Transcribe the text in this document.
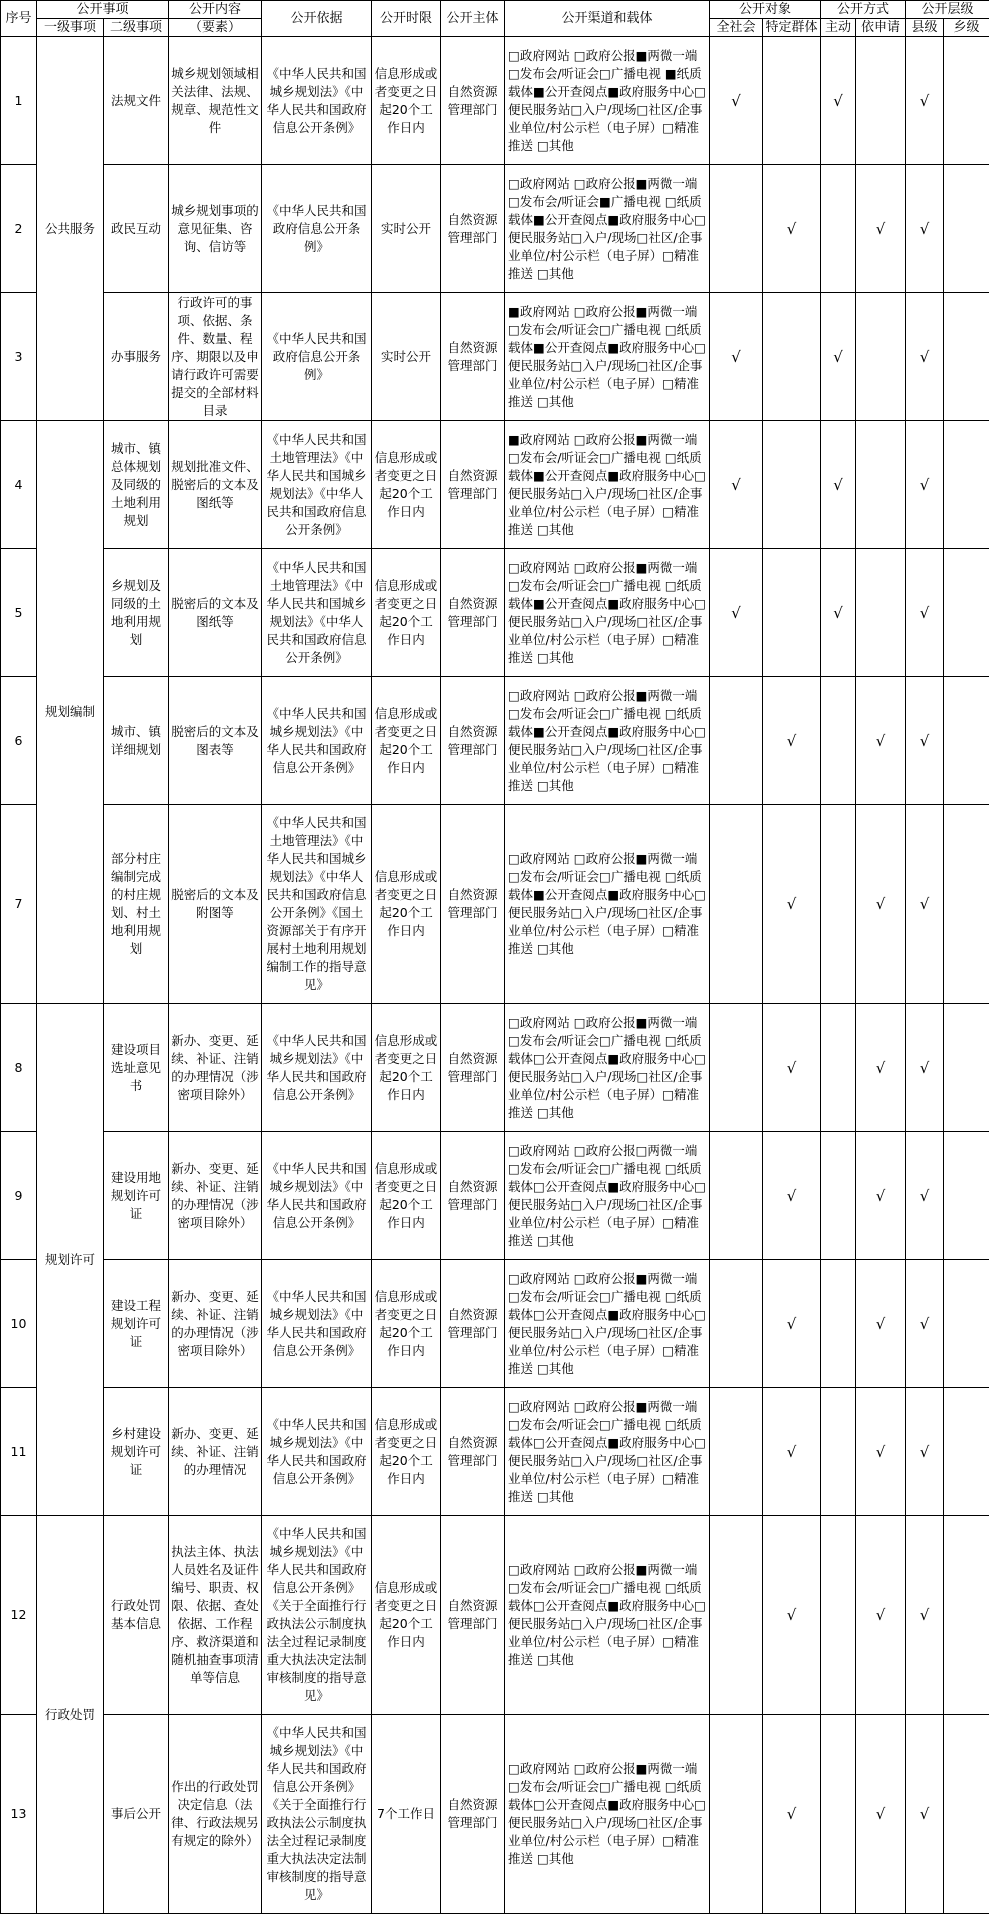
序号	公开事项		公开内容	公开依据	公开时限	公开主体	公开渠道和载体	公开对象		公开方式		公开层级	
	一级事项	二级事项	（要素）					全社会	特定群体	主动	依申请	县级	乡级
1	公共服务	法规文件	城乡规划领域相关法律、法规、规章、规范性文件	《中华人民共和国城乡规划法》《中华人民共和国政府信息公开条例》	信息形成或者变更之日起20个工作日内	自然资源管理部门	□政府网站 □政府公报■两微一端 □发布会/听证会□广播电视 ■纸质载体■公开查阅点■政府服务中心□便民服务站□入户/现场□社区/企事业单位/村公示栏（电子屏）□精准推送 □其他	√		√		√	
2		政民互动	城乡规划事项的意见征集、咨询、信访等	《中华人民共和国政府信息公开条例》	实时公开	自然资源管理部门	□政府网站 □政府公报■两微一端 □发布会/听证会■广播电视 □纸质载体■公开查阅点■政府服务中心□便民服务站□入户/现场□社区/企事业单位/村公示栏（电子屏）□精准推送 □其他		√		√	√	
3		办事服务	行政许可的事项、依据、条件、数量、程序、期限以及申请行政许可需要提交的全部材料目录	《中华人民共和国政府信息公开条例》	实时公开	自然资源管理部门	■政府网站 □政府公报■两微一端 □发布会/听证会□广播电视 □纸质载体■公开查阅点■政府服务中心□便民服务站□入户/现场□社区/企事业单位/村公示栏（电子屏）□精准推送 □其他	√		√		√	
4	规划编制	城市、镇总体规划及同级的土地利用规划	规划批准文件、脱密后的文本及图纸等	《中华人民共和国土地管理法》《中华人民共和国城乡规划法》《中华人民共和国政府信息公开条例》	信息形成或者变更之日起20个工作日内	自然资源管理部门	■政府网站 □政府公报■两微一端 □发布会/听证会□广播电视 □纸质载体■公开查阅点■政府服务中心□便民服务站□入户/现场□社区/企事业单位/村公示栏（电子屏）□精准推送 □其他	√		√		√	
5		乡规划及同级的土地利用规划	脱密后的文本及图纸等	《中华人民共和国土地管理法》《中华人民共和国城乡规划法》《中华人民共和国政府信息公开条例》	信息形成或者变更之日起20个工作日内	自然资源管理部门	□政府网站 □政府公报■两微一端 □发布会/听证会□广播电视 □纸质载体■公开查阅点■政府服务中心□便民服务站□入户/现场□社区/企事业单位/村公示栏（电子屏）□精准推送 □其他	√		√		√	
6		城市、镇详细规划	脱密后的文本及图表等	《中华人民共和国城乡规划法》《中华人民共和国政府信息公开条例》	信息形成或者变更之日起20个工作日内	自然资源管理部门	□政府网站 □政府公报■两微一端 □发布会/听证会□广播电视 □纸质载体■公开查阅点■政府服务中心□便民服务站□入户/现场□社区/企事业单位/村公示栏（电子屏）□精准推送 □其他		√		√	√	
7		部分村庄编制完成的村庄规划、村土地利用规划	脱密后的文本及附图等	《中华人民共和国土地管理法》《中华人民共和国城乡规划法》《中华人民共和国政府信息公开条例》《国土资源部关于有序开展村土地利用规划编制工作的指导意见》	信息形成或者变更之日起20个工作日内	自然资源管理部门	□政府网站 □政府公报■两微一端 □发布会/听证会□广播电视 □纸质载体■公开查阅点■政府服务中心□便民服务站□入户/现场□社区/企事业单位/村公示栏（电子屏）□精准推送 □其他		√		√	√	
8	规划许可	建设项目选址意见书	新办、变更、延续、补证、注销的办理情况（涉密项目除外）	《中华人民共和国城乡规划法》《中华人民共和国政府信息公开条例》	信息形成或者变更之日起20个工作日内	自然资源管理部门	□政府网站 □政府公报■两微一端 □发布会/听证会□广播电视 □纸质载体□公开查阅点■政府服务中心□便民服务站□入户/现场□社区/企事业单位/村公示栏（电子屏）□精准推送 □其他		√		√	√	
9		建设用地规划许可证	新办、变更、延续、补证、注销的办理情况（涉密项目除外）	《中华人民共和国城乡规划法》《中华人民共和国政府信息公开条例》	信息形成或者变更之日起20个工作日内	自然资源管理部门	□政府网站 □政府公报□两微一端 □发布会/听证会□广播电视 □纸质载体□公开查阅点■政府服务中心□便民服务站□入户/现场□社区/企事业单位/村公示栏（电子屏）□精准推送 □其他		√		√	√	
10		建设工程规划许可证	新办、变更、延续、补证、注销的办理情况（涉密项目除外）	《中华人民共和国城乡规划法》《中华人民共和国政府信息公开条例》	信息形成或者变更之日起20个工作日内	自然资源管理部门	□政府网站 □政府公报■两微一端 □发布会/听证会□广播电视 □纸质载体□公开查阅点■政府服务中心□便民服务站□入户/现场□社区/企事业单位/村公示栏（电子屏）□精准推送 □其他		√		√	√	
11		乡村建设规划许可证	新办、变更、延续、补证、注销的办理情况	《中华人民共和国城乡规划法》《中华人民共和国政府信息公开条例》	信息形成或者变更之日起20个工作日内	自然资源管理部门	□政府网站 □政府公报■两微一端 □发布会/听证会□广播电视 □纸质载体□公开查阅点■政府服务中心□便民服务站□入户/现场□社区/企事业单位/村公示栏（电子屏）□精准推送 □其他		√		√	√	
12	行政处罚	行政处罚基本信息	执法主体、执法人员姓名及证件编号、职责、权限、依据、查处依据、工作程序、救济渠道和随机抽查事项清单等信息	《中华人民共和国城乡规划法》《中华人民共和国政府信息公开条例》《关于全面推行行政执法公示制度执法全过程记录制度重大执法决定法制审核制度的指导意见》	信息形成或者变更之日起20个工作日内	自然资源管理部门	□政府网站 □政府公报■两微一端 □发布会/听证会□广播电视 □纸质载体□公开查阅点■政府服务中心□便民服务站□入户/现场□社区/企事业单位/村公示栏（电子屏）□精准推送 □其他		√		√	√	
13		事后公开	作出的行政处罚决定信息（法律、行政法规另有规定的除外）	《中华人民共和国城乡规划法》《中华人民共和国政府信息公开条例》《关于全面推行行政执法公示制度执法全过程记录制度重大执法决定法制审核制度的指导意见》	7个工作日	自然资源管理部门	□政府网站 □政府公报■两微一端 □发布会/听证会□广播电视 □纸质载体□公开查阅点■政府服务中心□便民服务站□入户/现场□社区/企事业单位/村公示栏（电子屏）□精准推送 □其他		√		√	√	
